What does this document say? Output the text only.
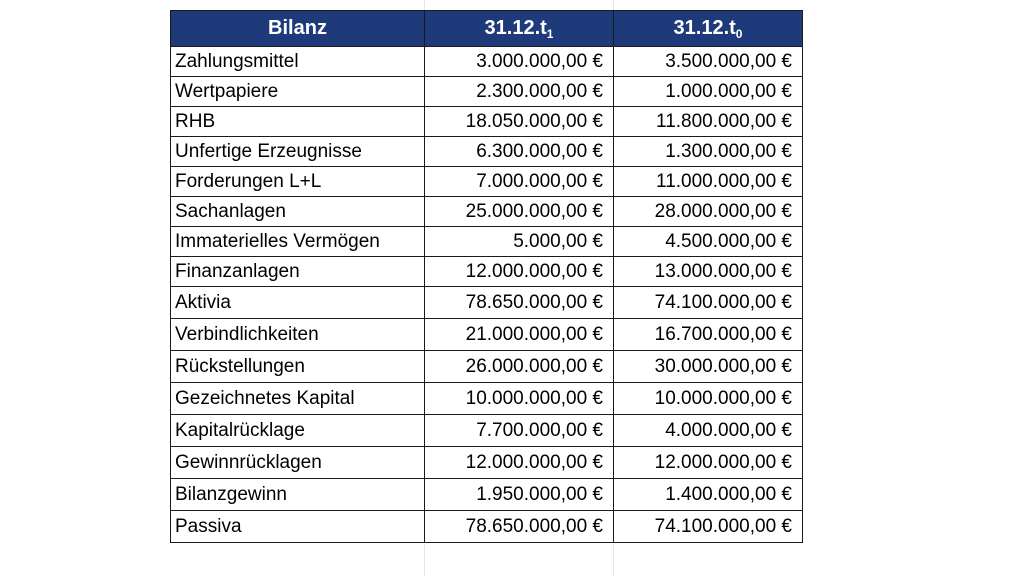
Bilanz	$31.12.t_1$	$31.12.t_0$
Zahlungsmittel	3.000.000,00 €	3.500.000,00 €
Wertpapiere	2.300.000,00 €	1.000.000,00 €
RHB	18.050.000,00 €	11.800.000,00 €
Unfertige Erzeugnisse	6.300.000,00 €	1.300.000,00 €
Forderungen L+L	7.000.000,00 €	11.000.000,00 €
Sachanlagen	25.000.000,00 €	28.000.000,00 €
Immaterielles Vermögen	5.000,00 €	4.500.000,00 €
Finanzanlagen	12.000.000,00 €	13.000.000,00 €
Aktivia	78.650.000,00 €	74.100.000,00 €
Verbindlichkeiten	21.000.000,00 €	16.700.000,00 €
Rückstellungen	26.000.000,00 €	30.000.000,00 €
Gezeichnetes Kapital	10.000.000,00 €	10.000.000,00 €
Kapitalrücklage	7.700.000,00 €	4.000.000,00 €
Gewinnrücklagen	12.000.000,00 €	12.000.000,00 €
Bilanzgewinn	1.950.000,00 €	1.400.000,00 €
Passiva	78.650.000,00 €	74.100.000,00 €
